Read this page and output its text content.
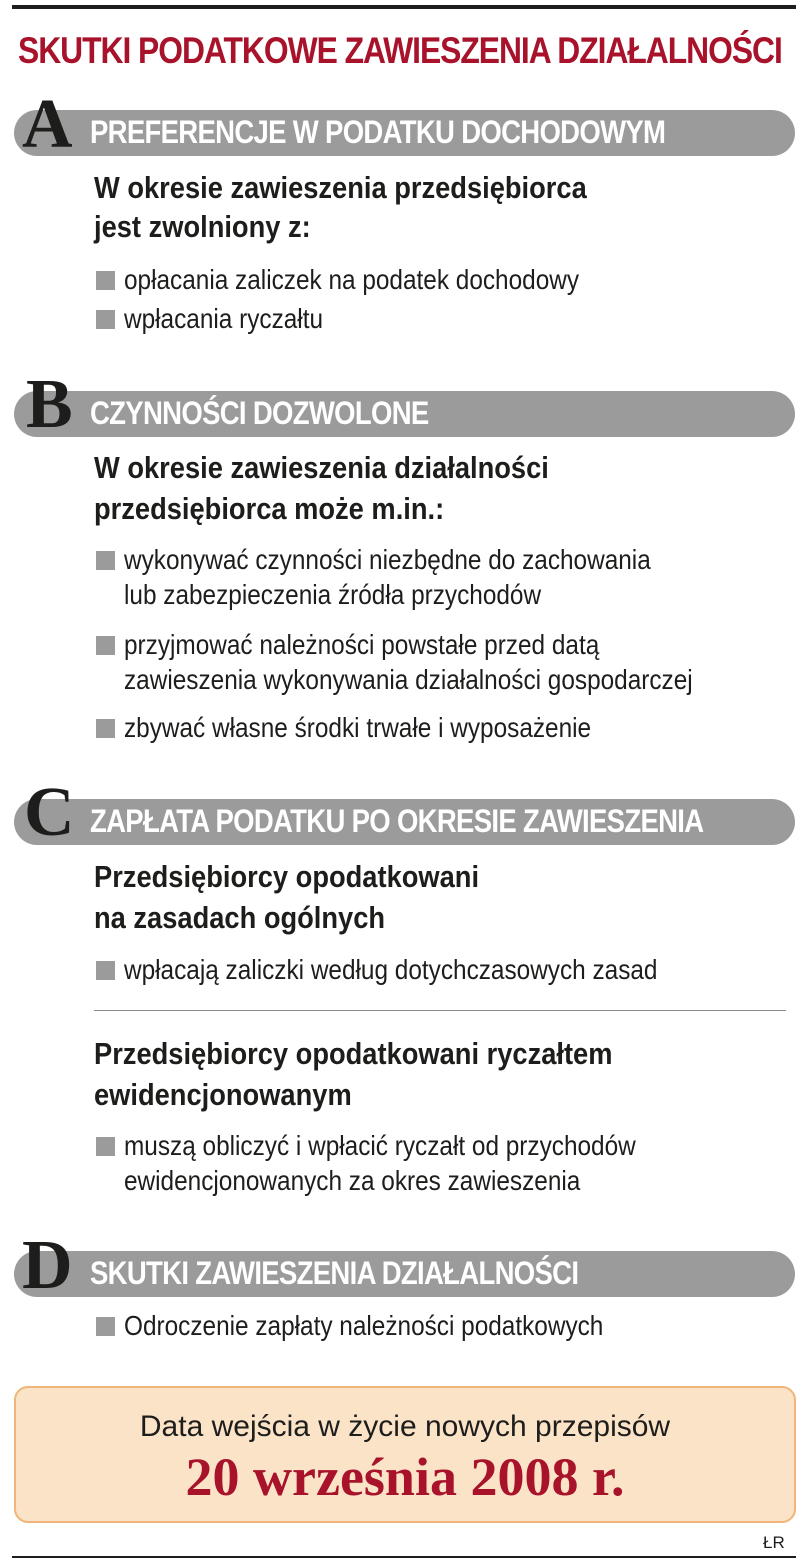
SKUTKI PODATKOWE ZAWIESZENIA DZIAŁALNOŚCI
A PREFERENCJE W PODATKU DOCHODOWYM
W okresie zawieszenia przedsiębiorca
jest zwolniony z:
opłacania zaliczek na podatek dochodowy
wpłacania ryczałtu
B CZYNNOŚCI DOZWOLONE
W okresie zawieszenia działalności
przedsiębiorca może m.in.:
wykonywać czynności niezbędne do zachowania
lub zabezpieczenia źródła przychodów
przyjmować należności powstałe przed datą
zawieszenia wykonywania działalności gospodarczej
zbywać własne środki trwałe i wyposażenie
C ZAPŁATA PODATKU PO OKRESIE ZAWIESZENIA
Przedsiębiorcy opodatkowani
na zasadach ogólnych
wpłacają zaliczki według dotychczasowych zasad
Przedsiębiorcy opodatkowani ryczałtem
ewidencjonowanym
muszą obliczyć i wpłacić ryczałt od przychodów
ewidencjonowanych za okres zawieszenia
D SKUTKI ZAWIESZENIA DZIAŁALNOŚCI
Odroczenie zapłaty należności podatkowych
Data wejścia w życie nowych przepisów
20 września 2008 r.
ŁR
